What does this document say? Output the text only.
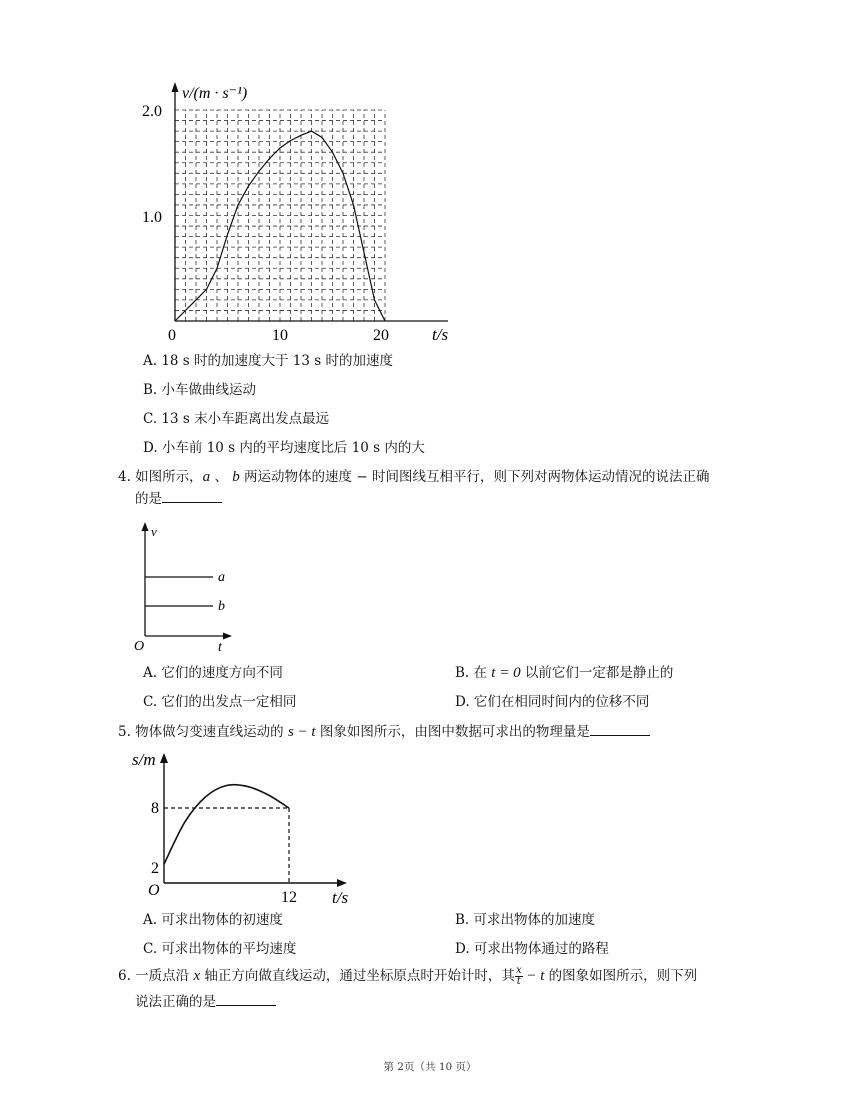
v/(m · s⁻¹)
2.0
1.0
0	10	20	t/s
A. 18 s 时的加速度大于 13 s 时的加速度
B. 小车做曲线运动
C. 13 s 末小车距离出发点最远
D. 小车前 10 s 内的平均速度比后 10 s 内的大
4. 如图所示，a 、 b 两运动物体的速度 − 时间图线互相平行，则下列对两物体运动情况的说法正确
的是
v
a
b
O	t
A. 它们的速度方向不同	B. 在 t = 0 以前它们一定都是静止的
C. 它们的出发点一定相同	D. 它们在相同时间内的位移不同
5. 物体做匀变速直线运动的 s − t 图象如图所示，由图中数据可求出的物理量是
s/m
8
2
O	12 t/s
A. 可求出物体的初速度	B. 可求出物体的加速度
C. 可求出物体的平均速度	D. 可求出物体通过的路程
6. 一质点沿 x 轴正方向做直线运动，通过坐标原点时开始计时，其 $\frac{x}{t} - t$ 的图象如图所示，则下列
说法正确的是
第 2页（共 10 页）
